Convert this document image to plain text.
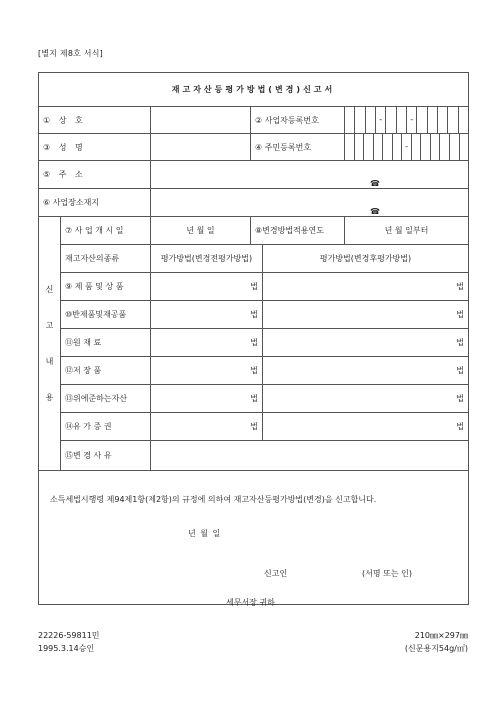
[별지 제8호 서식]
재고자산등평가방법(변경)신고서					
① 상 호			② 사업자등록번호		- -

③ 성 명			④ 주민등록번호		-

⑤ 주 소		☎			
⑥ 사업장소재지		☎			

신
고
내
용	⑦ 사 업 개 시 일	년 월 일	⑧변경방법적용연도		년 월 일부터
	재고자산의종류	평가방법(변경전평가방법)		평가방법(변경후평가방법)	
	⑨ 제 품 및 상 품	법		법	
	⑩반제품및재공품	법		법	
	⑪원 재 료	법		법	
	⑫저 장 품	법		법	
	⑬위에준하는자산	법		법	
	⑭유 가 증 권	법		법	
	⑮변 경 사 유				

소득세법시행령 제94제1항(제2항)의 규정에 의하여 재고자산등평가방법(변경)을 신고합니다.
년 월 일
신고인	(서명 또는 인)
세무서장 귀하
22226-59811민
1995.3.14승인
210㎜×297㎜
(신문용지54g/㎡)
